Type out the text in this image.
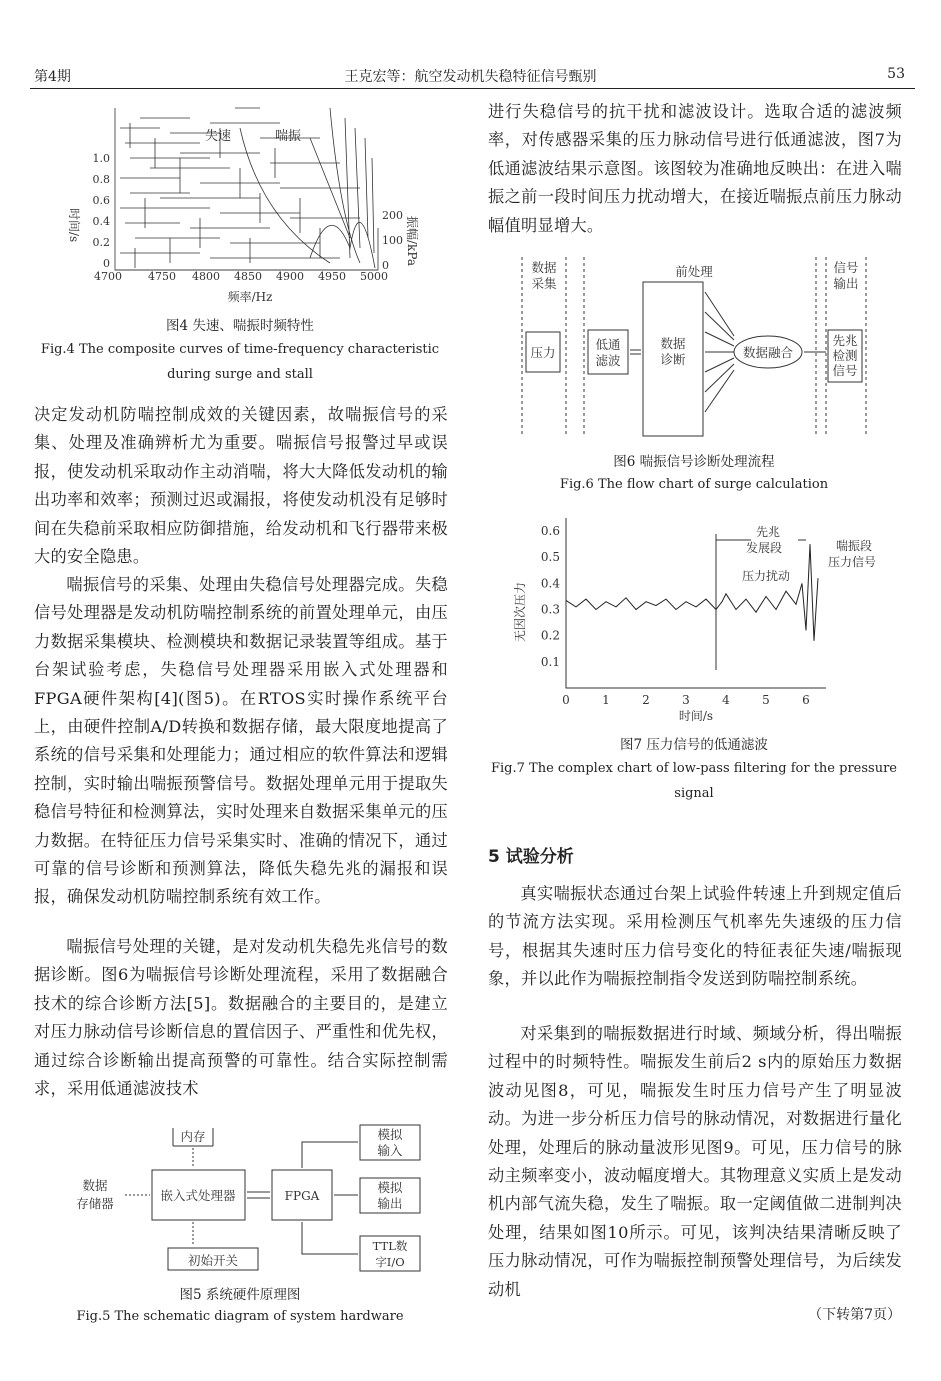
第4期	王克宏等：航空发动机失稳特征信号甄别	53
1.0
0.8
0.6
0.4
0.2
0
4700 4750 4800 4850 4900 4950 5000
200
100
0
频率/Hz
失速	喘振
时间/s	振幅/kPa
图4 失速、喘振时频特性
Fig.4 The composite curves of time-frequency characteristic
during surge and stall
决定发动机防喘控制成效的关键因素，故喘振信号的采集、处理及准确辨析尤为重要。喘振信号报警过早或误报，使发动机采取动作主动消喘，将大大降低发动机的输出功率和效率；预测过迟或漏报，将使发动机没有足够时间在失稳前采取相应防御措施，给发动机和飞行器带来极大的安全隐患。
喘振信号的采集、处理由失稳信号处理器完成。失稳信号处理器是发动机防喘控制系统的前置处理单元，由压力数据采集模块、检测模块和数据记录装置等组成。基于台架试验考虑，失稳信号处理器采用嵌入式处理器和FPGA硬件架构[4](图5)。在RTOS实时操作系统平台上，由硬件控制A/D转换和数据存储，最大限度地提高了系统的信号采集和处理能力；通过相应的软件算法和逻辑控制，实时输出喘振预警信号。数据处理单元用于提取失稳信号特征和检测算法，实时处理来自数据采集单元的压力数据。在特征压力信号采集实时、准确的情况下，通过可靠的信号诊断和预测算法，降低失稳先兆的漏报和误报，确保发动机防喘控制系统有效工作。
喘振信号处理的关键，是对发动机失稳先兆信号的数据诊断。图6为喘振信号诊断处理流程，采用了数据融合技术的综合诊断方法[5]。数据融合的主要目的，是建立对压力脉动信号诊断信息的置信因子、严重性和优先权，通过综合诊断输出提高预警的可靠性。结合实际控制需求，采用低通滤波技术
内存
数据
存储器
嵌入式处理器	FPGA
初始开关
模拟
输入
模拟
输出
TTL数
字I/O
图5 系统硬件原理图
Fig.5 The schematic diagram of system hardware
进行失稳信号的抗干扰和滤波设计。选取合适的滤波频率，对传感器采集的压力脉动信号进行低通滤波，图7为低通滤波结果示意图。该图较为准确地反映出：在进入喘振之前一段时间压力扰动增大，在接近喘振点前压力脉动幅值明显增大。
数据
采集
前处理	信号
输出
压力
低通
滤波
数据
诊断	数据融合
先兆
检测
信号
图6 喘振信号诊断处理流程
Fig.6 The flow chart of surge calculation
0	1	2	3	4	5	6
0.1
0.2
0.3
0.4
0.5
0.6	先兆
发展段
压力扰动
喘振段
压力信号
时间/s
无因次压力
图7 压力信号的低通滤波
Fig.7 The complex chart of low-pass filtering for the pressure
signal
5 试验分析
真实喘振状态通过台架上试验件转速上升到规定值后的节流方法实现。采用检测压气机率先失速级的压力信号，根据其失速时压力信号变化的特征表征失速/喘振现象，并以此作为喘振控制指令发送到防喘控制系统。
对采集到的喘振数据进行时域、频域分析，得出喘振过程中的时频特性。喘振发生前后2 s内的原始压力数据波动见图8，可见，喘振发生时压力信号产生了明显波动。为进一步分析压力信号的脉动情况，对数据进行量化处理，处理后的脉动量波形见图9。可见，压力信号的脉动主频率变小，波动幅度增大。其物理意义实质上是发动机内部气流失稳，发生了喘振。取一定阈值做二进制判决处理，结果如图10所示。可见，该判决结果清晰反映了压力脉动情况，可作为喘振控制预警处理信号，为后续发动机
（下转第7页）
